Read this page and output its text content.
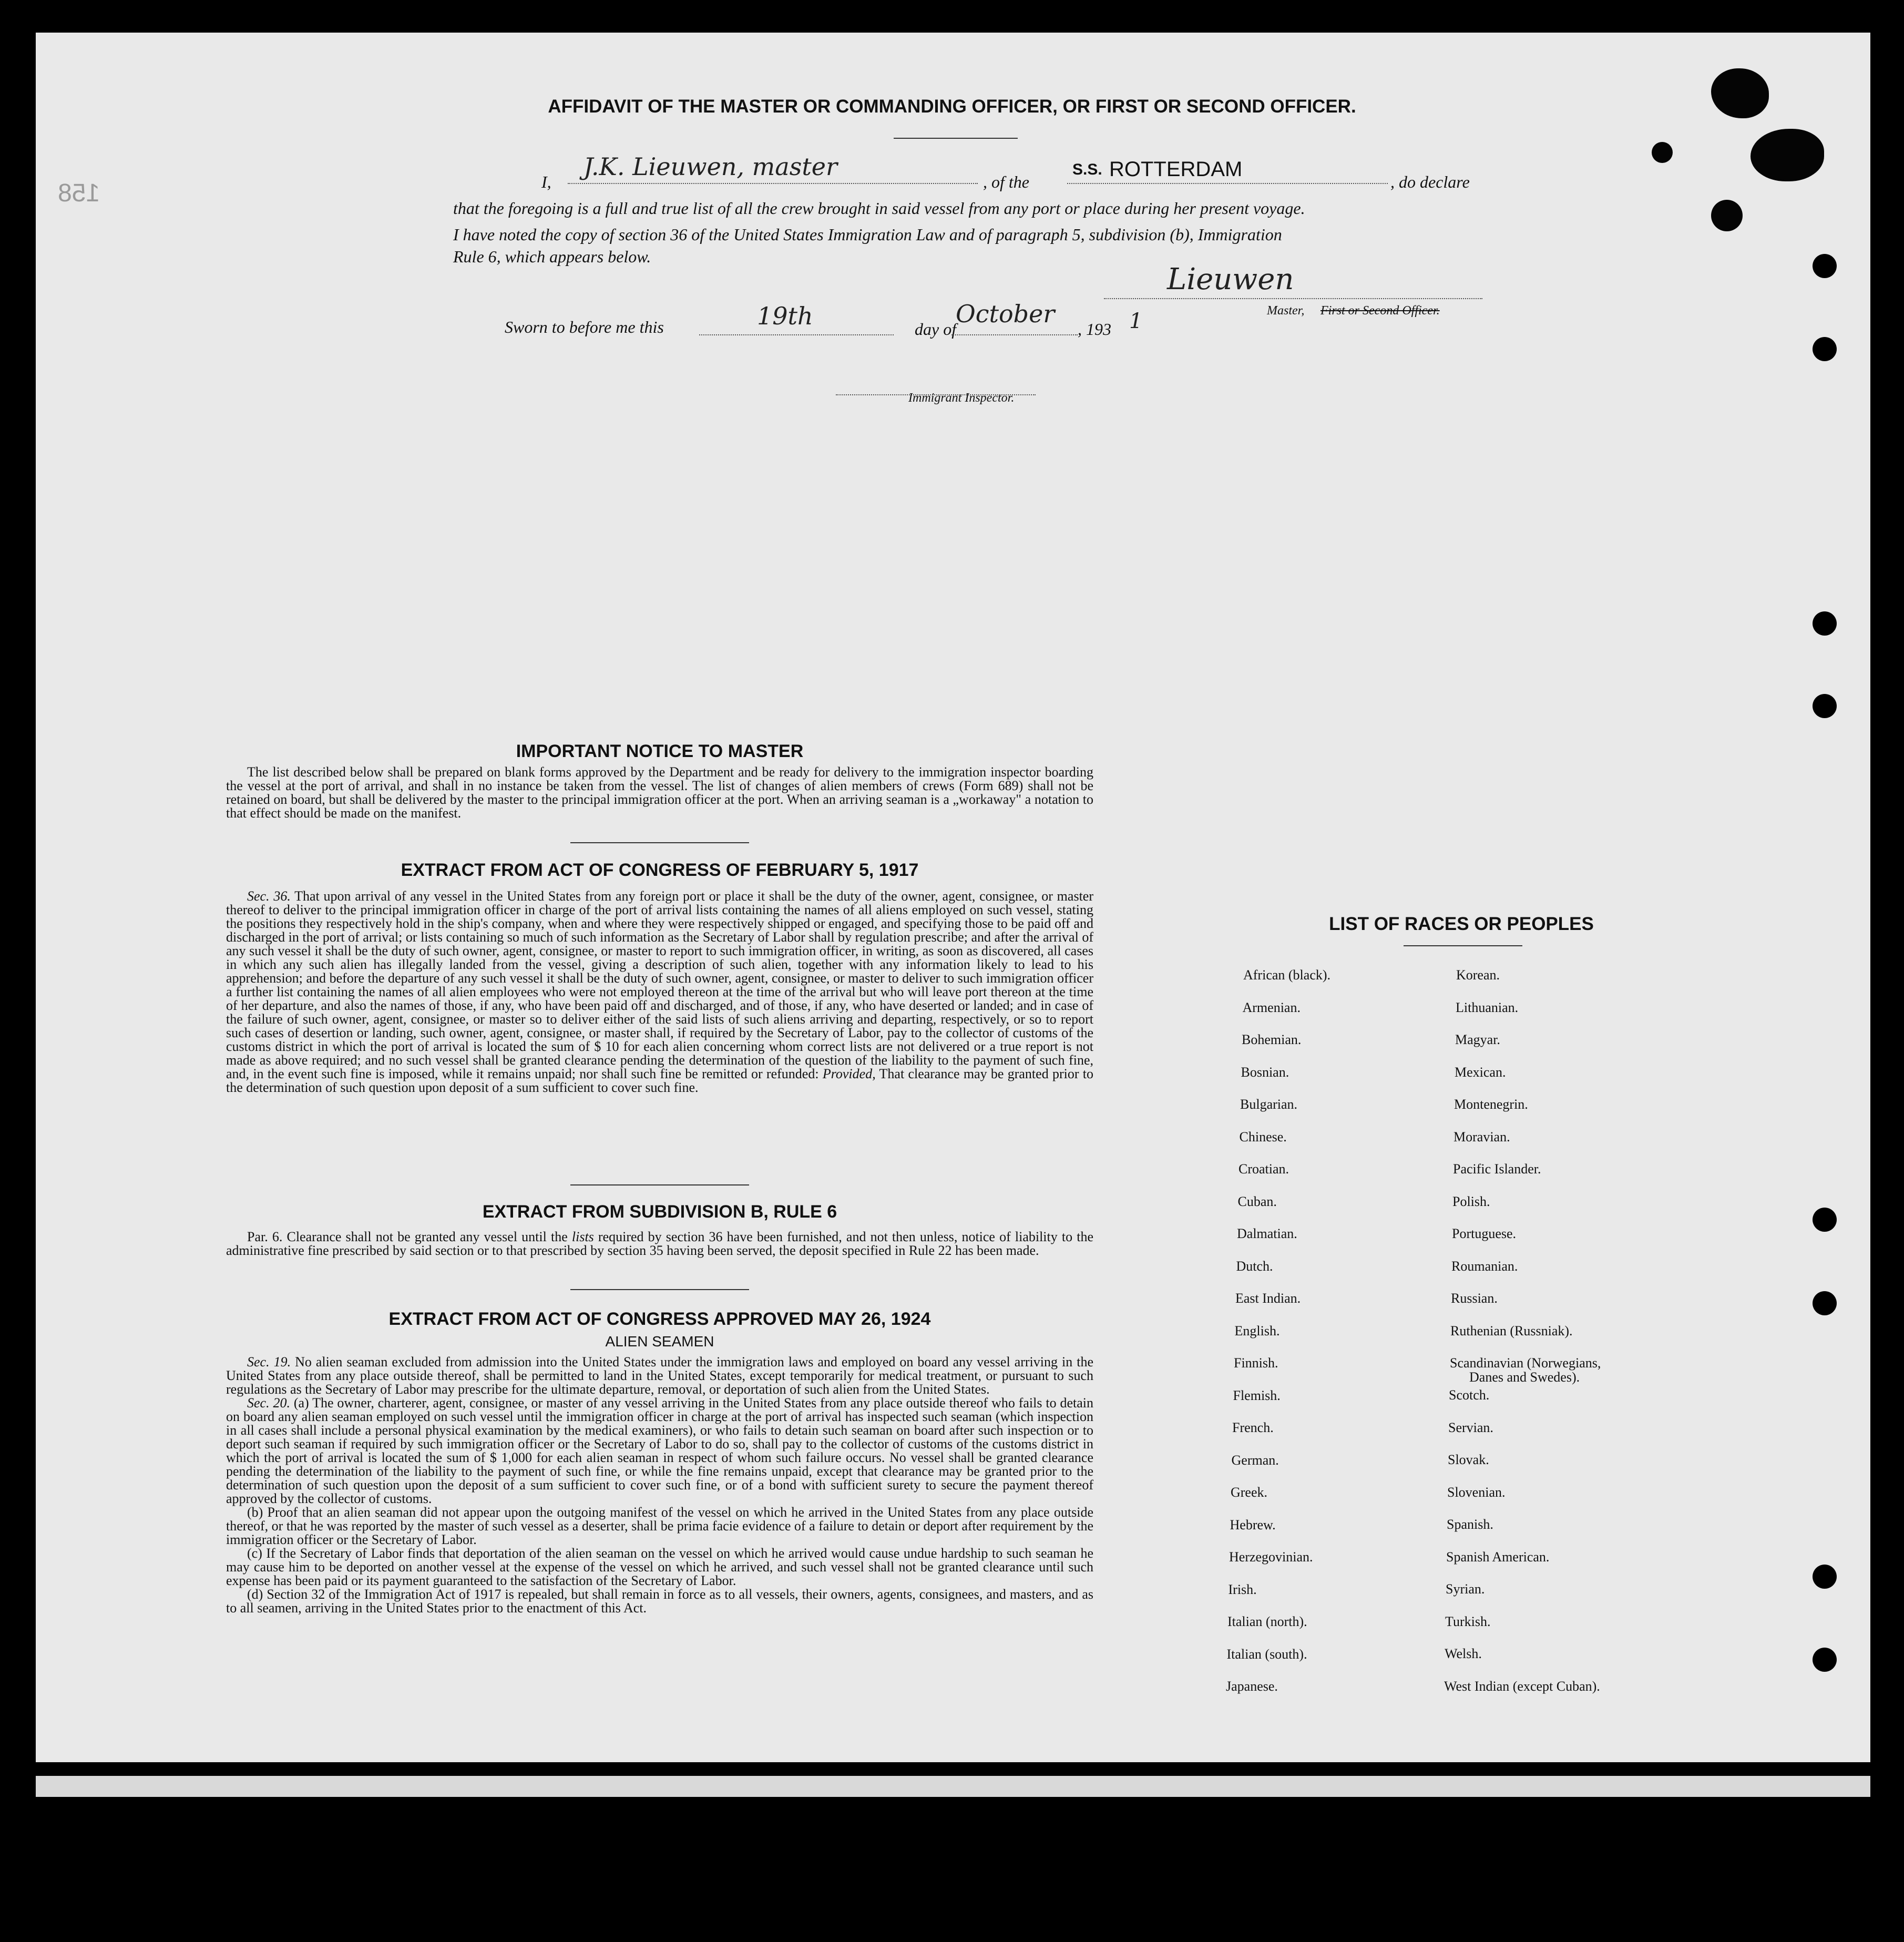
158
AFFIDAVIT OF THE MASTER OR COMMANDING OFFICER, OR FIRST OR SECOND OFFICER.
I,
J.K. Lieuwen, master
, of the
S.S. ROTTERDAM
, do declare
that the foregoing is a full and true list of all the crew brought in said vessel from any port or place during her present voyage.
I have noted the copy of section 36 of the United States Immigration Law and of paragraph 5, subdivision (b), Immigration
Rule 6, which appears below.
Lieuwen
Master, First or Second Officer.
Sworn to before me this	19th	day of
October
, 193 1
Immigrant Inspector.
IMPORTANT NOTICE TO MASTER

The list described below shall be prepared on blank forms approved by the Department and be ready for delivery to the immigration inspector boarding the vessel at the port of arrival, and shall in no instance be taken from the vessel. The list of changes of alien members of crews (Form 689) shall not be retained on board, but shall be delivered by the master to the principal immigration officer at the port. When an arriving seaman is a „workaway" a notation to that effect should be made on the manifest.

EXTRACT FROM ACT OF CONGRESS OF FEBRUARY 5, 1917

Sec. 36. That upon arrival of any vessel in the United States from any foreign port or place it shall be the duty of the owner, agent, consignee, or master thereof to deliver to the principal immigration officer in charge of the port of arrival lists containing the names of all aliens employed on such vessel, stating the positions they respectively hold in the ship's company, when and where they were respectively shipped or engaged, and specifying those to be paid off and discharged in the port of arrival; or lists containing so much of such information as the Secretary of Labor shall by regulation prescribe; and after the arrival of any such vessel it shall be the duty of such owner, agent, consignee, or master to report to such immigration officer, in writing, as soon as discovered, all cases in which any such alien has illegally landed from the vessel, giving a description of such alien, together with any information likely to lead to his apprehension; and before the departure of any such vessel it shall be the duty of such owner, agent, consignee, or master to deliver to such immigration officer a further list containing the names of all alien employees who were not employed thereon at the time of the arrival but who will leave port thereon at the time of her departure, and also the names of those, if any, who have been paid off and discharged, and of those, if any, who have deserted or landed; and in case of the failure of such owner, agent, consignee, or master so to deliver either of the said lists of such aliens arriving and departing, respectively, or so to report such cases of desertion or landing, such owner, agent, consignee, or master shall, if required by the Secretary of Labor, pay to the collector of customs of the customs district in which the port of arrival is located the sum of $ 10 for each alien concerning whom correct lists are not delivered or a true report is not made as above required; and no such vessel shall be granted clearance pending the determination of the question of the liability to the payment of such fine, and, in the event such fine is imposed, while it remains unpaid; nor shall such fine be remitted or refunded: Provided, That clearance may be granted prior to the determination of such question upon deposit of a sum sufficient to cover such fine.

EXTRACT FROM SUBDIVISION B, RULE 6

Par. 6. Clearance shall not be granted any vessel until the lists required by section 36 have been furnished, and not then unless, notice of liability to the administrative fine prescribed by said section or to that prescribed by section 35 having been served, the deposit specified in Rule 22 has been made.

EXTRACT FROM ACT OF CONGRESS APPROVED MAY 26, 1924
ALIEN SEAMEN

Sec. 19. No alien seaman excluded from admission into the United States under the immigration laws and employed on board any vessel arriving in the United States from any place outside thereof, shall be permitted to land in the United States, except temporarily for medical treatment, or pursuant to such regulations as the Secretary of Labor may prescribe for the ultimate departure, removal, or deportation of such alien from the United States.

Sec. 20. (a) The owner, charterer, agent, consignee, or master of any vessel arriving in the United States from any place outside thereof who fails to detain on board any alien seaman employed on such vessel until the immigration officer in charge at the port of arrival has inspected such seaman (which inspection in all cases shall include a personal physical examination by the medical examiners), or who fails to detain such seaman on board after such inspection or to deport such seaman if required by such immigration officer or the Secretary of Labor to do so, shall pay to the collector of customs of the customs district in which the port of arrival is located the sum of $ 1,000 for each alien seaman in respect of whom such failure occurs. No vessel shall be granted clearance pending the determination of the liability to the payment of such fine, or while the fine remains unpaid, except that clearance may be granted prior to the determination of such question upon the deposit of a sum sufficient to cover such fine, or of a bond with sufficient surety to secure the payment thereof approved by the collector of customs.

(b) Proof that an alien seaman did not appear upon the outgoing manifest of the vessel on which he arrived in the United States from any place outside thereof, or that he was reported by the master of such vessel as a deserter, shall be prima facie evidence of a failure to detain or deport after requirement by the immigration officer or the Secretary of Labor.

(c) If the Secretary of Labor finds that deportation of the alien seaman on the vessel on which he arrived would cause undue hardship to such seaman he may cause him to be deported on another vessel at the expense of the vessel on which he arrived, and such vessel shall not be granted clearance until such expense has been paid or its payment guaranteed to the satisfaction of the Secretary of Labor.

(d) Section 32 of the Immigration Act of 1917 is repealed, but shall remain in force as to all vessels, their owners, agents, consignees, and masters, and as to all seamen, arriving in the United States prior to the enactment of this Act.

LIST OF RACES OR PEOPLES
African (black).
Armenian.
Bohemian.
Bosnian.
Bulgarian.
Chinese.
Croatian.
Cuban.
Dalmatian.
Dutch.
East Indian.
English.
Finnish.
Flemish.
French.
German.
Greek.
Hebrew.
Herzegovinian.
Irish.
Italian (north).
Italian (south).
Japanese.
Korean.
Lithuanian.
Magyar.
Mexican.
Montenegrin.
Moravian.
Pacific Islander.
Polish.
Portuguese.
Roumanian.
Russian.
Ruthenian (Russniak).
Scandinavian (Norwegians,
Danes and Swedes).
Scotch.
Servian.
Slovak.
Slovenian.
Spanish.
Spanish American.
Syrian.
Turkish.
Welsh.
West Indian (except Cuban).
